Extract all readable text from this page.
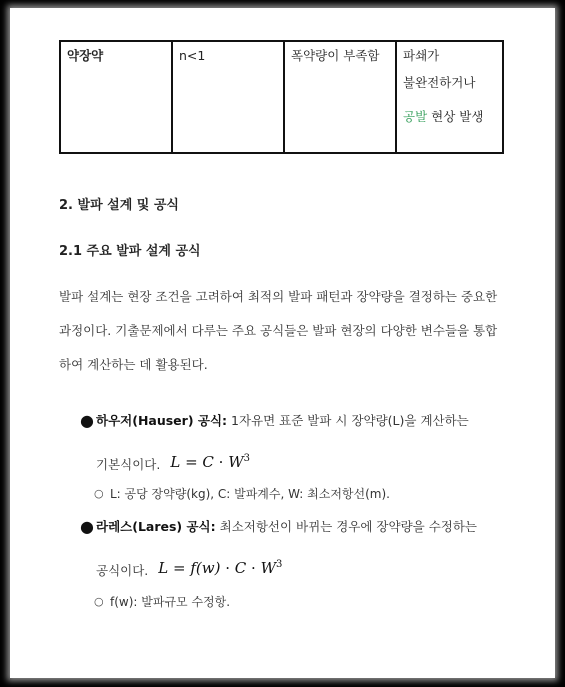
약장약	n<1	폭약량이 부족함	파쇄가
불완전하거나
공발 현상 발생
2. 발파 설계 및 공식
2.1 주요 발파 설계 공식
발파 설계는 현장 조건을 고려하여 최적의 발파 패턴과 장약량을 결정하는 중요한 과정이다. 기출문제에서 다루는 주요 공식들은 발파 현장의 다양한 변수들을 통합하여 계산하는 데 활용된다.
● 하우저(Hauser) 공식: 1자유면 표준 발파 시 장약량(L)을 계산하는
기본식이다. $L = C \cdot W^3$
○ L: 공당 장약량(kg), C: 발파계수, W: 최소저항선(m).
● 라레스(Lares) 공식: 최소저항선이 바뀌는 경우에 장약량을 수정하는
공식이다. $L = f(w) \cdot C \cdot W^3$
○ f(w): 발파규모 수정항.
